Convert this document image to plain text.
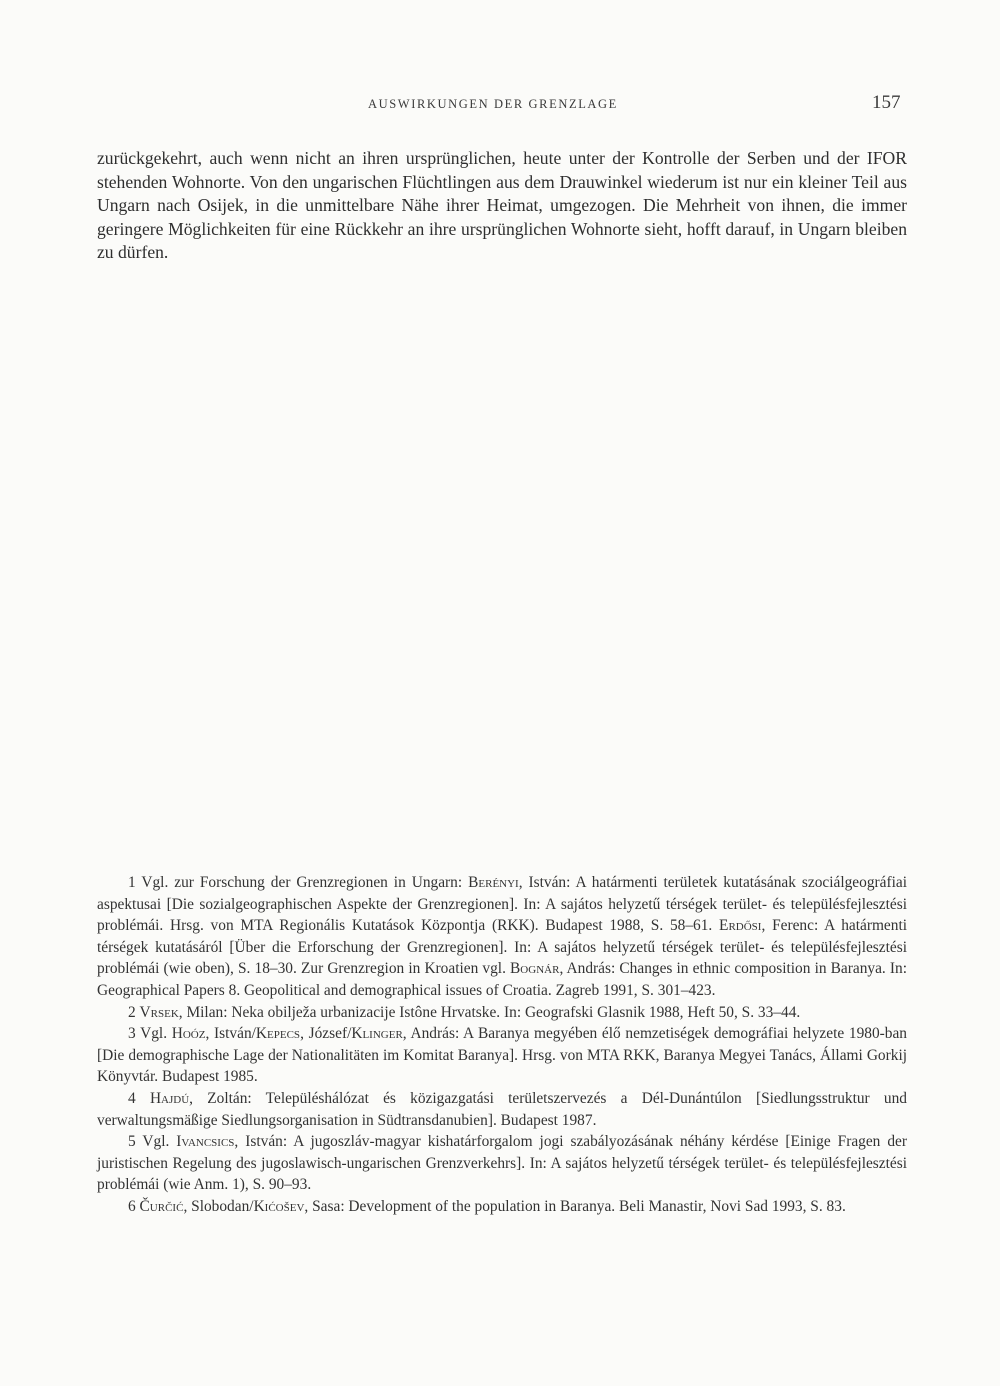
AUSWIRKUNGEN DER GRENZLAGE	157

zurückgekehrt, auch wenn nicht an ihren ursprünglichen, heute unter der Kontrolle der Serben und der IFOR stehenden Wohnorte. Von den ungarischen Flüchtlingen aus dem Drauwinkel wiederum ist nur ein kleiner Teil aus Ungarn nach Osijek, in die unmittelbare Nähe ihrer Heimat, umgezogen. Die Mehrheit von ihnen, die immer geringere Möglichkeiten für eine Rückkehr an ihre ursprünglichen Wohnorte sieht, hofft darauf, in Ungarn bleiben zu dürfen.

1 Vgl. zur Forschung der Grenzregionen in Ungarn: Berényi, István: A határmenti területek kutatásának szociálgeográfiai aspektusai [Die sozialgeographischen Aspekte der Grenzregionen]. In: A sajátos helyzetű térségek terület- és településfejlesztési problémái. Hrsg. von MTA Regionális Kutatások Központja (RKK). Budapest 1988, S. 58–61. Erdősi, Ferenc: A határmenti térségek kutatásáról [Über die Erforschung der Grenzregionen]. In: A sajátos helyzetű térségek terület- és településfejlesztési problémái (wie oben), S. 18–30. Zur Grenzregion in Kroatien vgl. Bognár, András: Changes in ethnic composition in Baranya. In: Geographical Papers 8. Geopolitical and demographical issues of Croatia. Zagreb 1991, S. 301–423.

2 Vrsek, Milan: Neka obilježa urbanizacije Istône Hrvatske. In: Geografski Glasnik 1988, Heft 50, S. 33–44.

3 Vgl. Hoóz, István/Kepecs, József/Klinger, András: A Baranya megyében élő nemzetiségek demográfiai helyzete 1980-ban [Die demographische Lage der Nationalitäten im Komitat Baranya]. Hrsg. von MTA RKK, Baranya Megyei Tanács, Állami Gorkij Könyvtár. Budapest 1985.

4 Hajdú, Zoltán: Településhálózat és közigazgatási területszervezés a Dél-Dunántúlon [Siedlungsstruktur und verwaltungsmäßige Siedlungsorganisation in Südtransdanubien]. Budapest 1987.

5 Vgl. Ivancsics, István: A jugoszláv-magyar kishatárforgalom jogi szabályozásának néhány kérdése [Einige Fragen der juristischen Regelung des jugoslawisch-ungarischen Grenzverkehrs]. In: A sajátos helyzetű térségek terület- és településfejlesztési problémái (wie Anm. 1), S. 90–93.

6 Čurčić, Slobodan/Kićošev, Sasa: Development of the population in Baranya. Beli Manastir, Novi Sad 1993, S. 83.
